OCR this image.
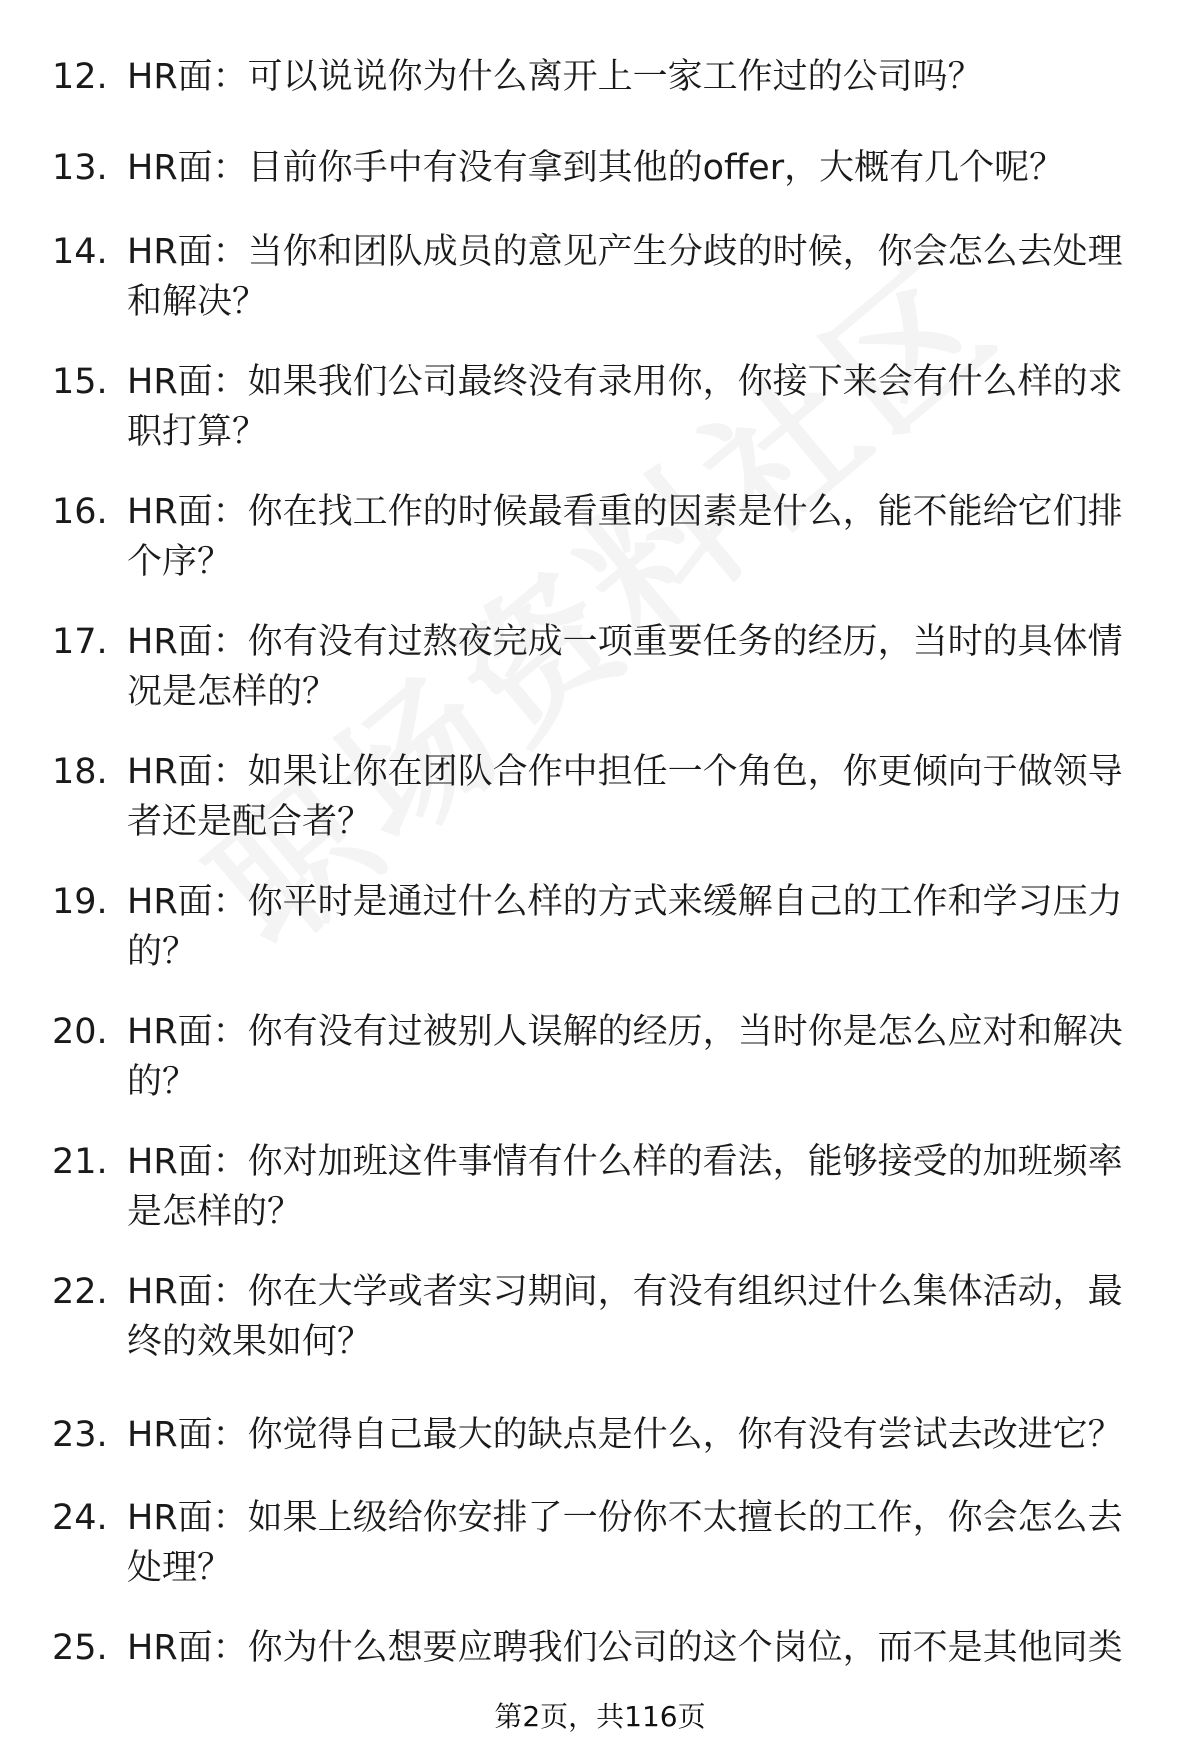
12. HR面：可以说说你为什么离开上一家工作过的公司吗？
13. HR面：目前你手中有没有拿到其他的offer，大概有几个呢？
14. HR面：当你和团队成员的意见产生分歧的时候，你会怎么去处理
和解决？
15. HR面：如果我们公司最终没有录用你，你接下来会有什么样的求
职打算？
16. HR面：你在找工作的时候最看重的因素是什么，能不能给它们排
个序？
17. HR面：你有没有过熬夜完成一项重要任务的经历，当时的具体情
况是怎样的？
18. HR面：如果让你在团队合作中担任一个角色，你更倾向于做领导
者还是配合者？
19. HR面：你平时是通过什么样的方式来缓解自己的工作和学习压力
的？
20. HR面：你有没有过被别人误解的经历，当时你是怎么应对和解决
的？
21. HR面：你对加班这件事情有什么样的看法，能够接受的加班频率
是怎样的？
22. HR面：你在大学或者实习期间，有没有组织过什么集体活动，最
终的效果如何？
23. HR面：你觉得自己最大的缺点是什么，你有没有尝试去改进它？
24. HR面：如果上级给你安排了一份你不太擅长的工作，你会怎么去
处理？
25. HR面：你为什么想要应聘我们公司的这个岗位，而不是其他同类
第2页，共116页
